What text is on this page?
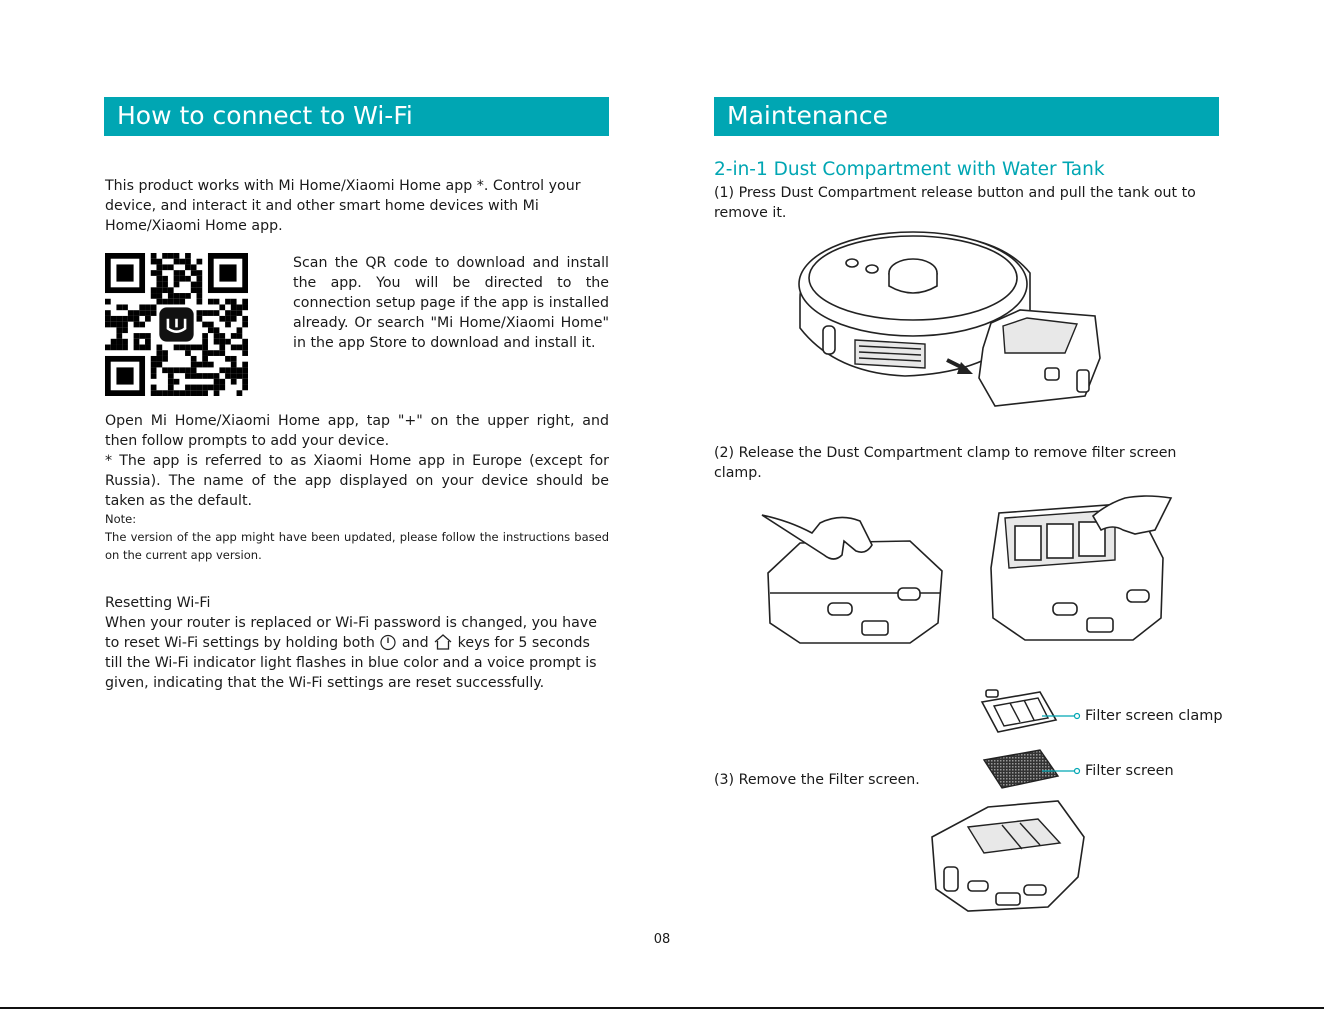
How to connect to Wi-Fi

This product works with Mi Home/Xiaomi Home app *. Control your device, and interact it and other smart home devices with Mi Home/Xiaomi Home app.

Scan the QR code to download and install the app. You will be directed to the connection setup page if the app is installed already. Or search "Mi Home/Xiaomi Home" in the app Store to download and install it.

Open Mi Home/Xiaomi Home app, tap "+" on the upper right, and then follow prompts to add your device.

* The app is referred to as Xiaomi Home app in Europe (except for Russia). The name of the app displayed on your device should be taken as the default.

Note:

The version of the app might have been updated, please follow the instructions based on the current app version.

Resetting Wi-Fi

When your router is replaced or Wi-Fi password is changed, you have to reset Wi-Fi settings by holding both and keys for 5 seconds till the Wi-Fi indicator light flashes in blue color and a voice prompt is given, indicating that the Wi-Fi settings are reset successfully.

Maintenance

2-in-1 Dust Compartment with Water Tank

(1) Press Dust Compartment release button and pull the tank out to remove it.

(2) Release the Dust Compartment clamp to remove filter screen clamp.

Filter screen clamp

Filter screen

(3) Remove the Filter screen.

08
